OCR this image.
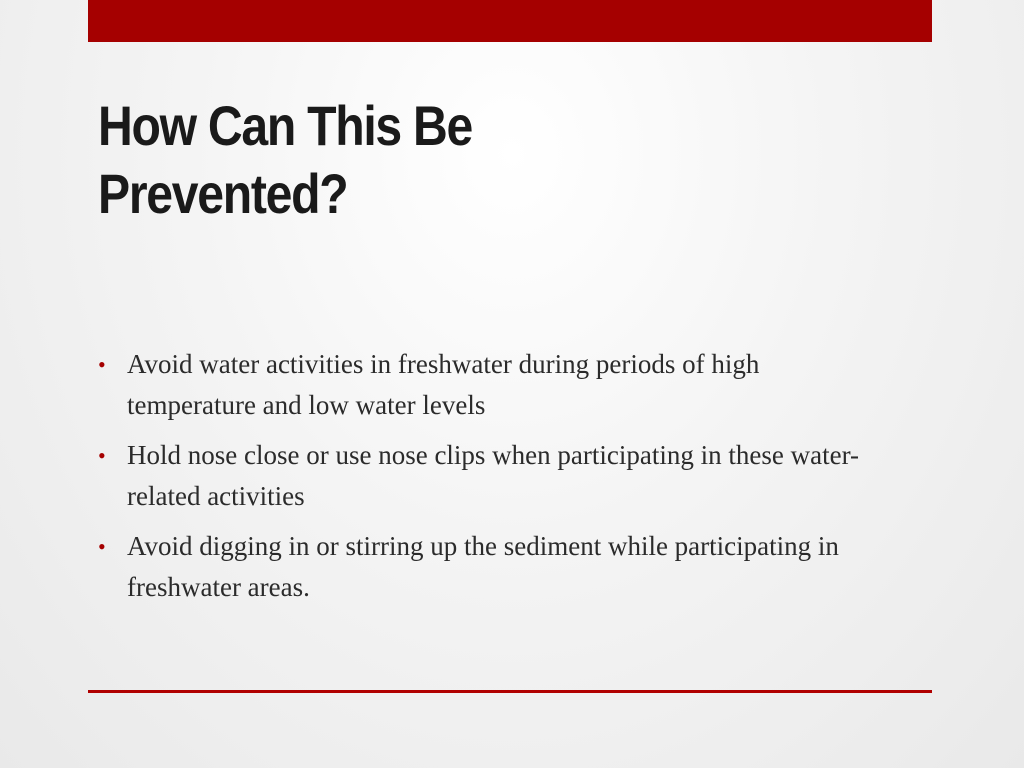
How Can This Be
Prevented?
• Avoid water activities in freshwater during periods of high temperature and low water levels
• Hold nose close or use nose clips when participating in these water-related activities
• Avoid digging in or stirring up the sediment while participating in freshwater areas.
